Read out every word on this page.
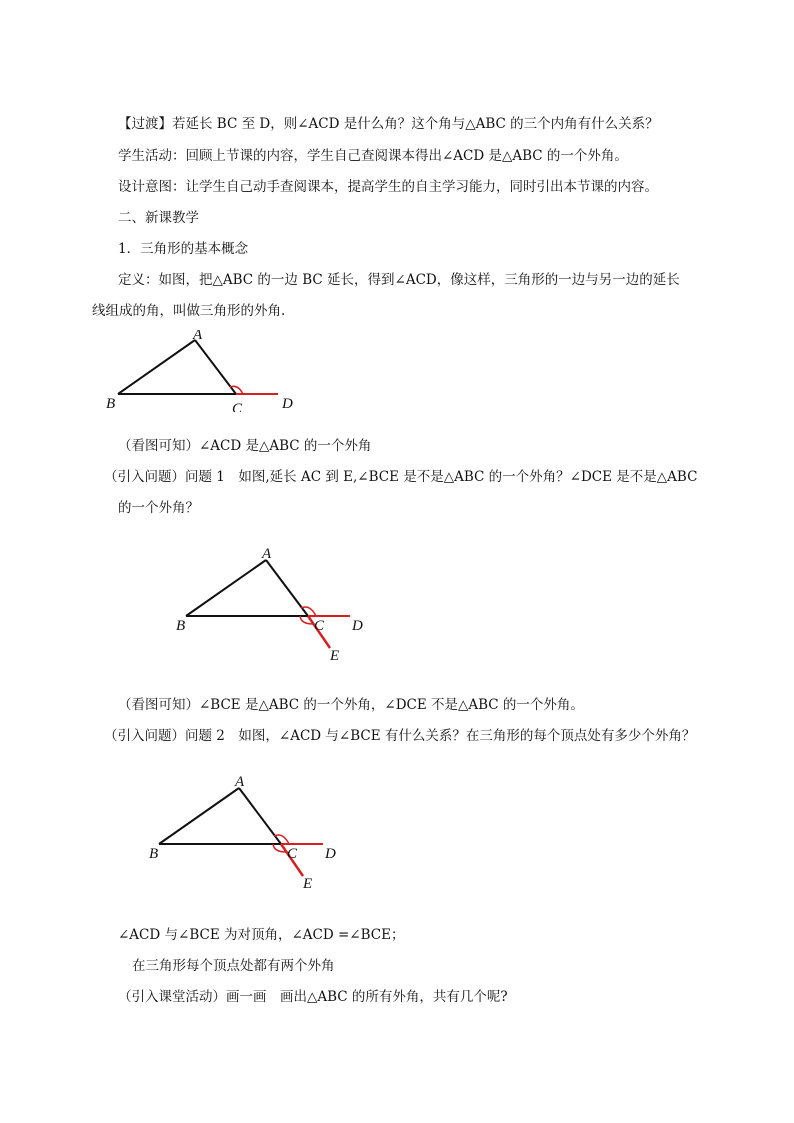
【过渡】若延长 BC 至 D，则∠ACD 是什么角？这个角与△ABC 的三个内角有什么关系？
学生活动：回顾上节课的内容，学生自己查阅课本得出∠ACD 是△ABC 的一个外角。
设计意图：让学生自己动手查阅课本，提高学生的自主学习能力，同时引出本节课的内容。
二、新课教学
1．三角形的基本概念
定义：如图，把△ABC 的一边 BC 延长，得到∠ACD，像这样，三角形的一边与另一边的延长
线组成的角，叫做三角形的外角.
A
B	C	D
（看图可知）∠ACD 是△ABC 的一个外角
（引入问题）问题 1　如图,延长 AC 到 E,∠BCE 是不是△ABC 的一个外角？∠DCE 是不是△ABC
的一个外角？
A
B	C D
E
（看图可知）∠BCE 是△ABC 的一个外角，∠DCE 不是△ABC 的一个外角。
（引入问题）问题 2　如图，∠ACD 与∠BCE 有什么关系？在三角形的每个顶点处有多少个外角？
A
B	C D
E
∠ACD 与∠BCE 为对顶角，∠ACD =∠BCE；
在三角形每个顶点处都有两个外角
（引入课堂活动）画一画　画出△ABC 的所有外角，共有几个呢?
